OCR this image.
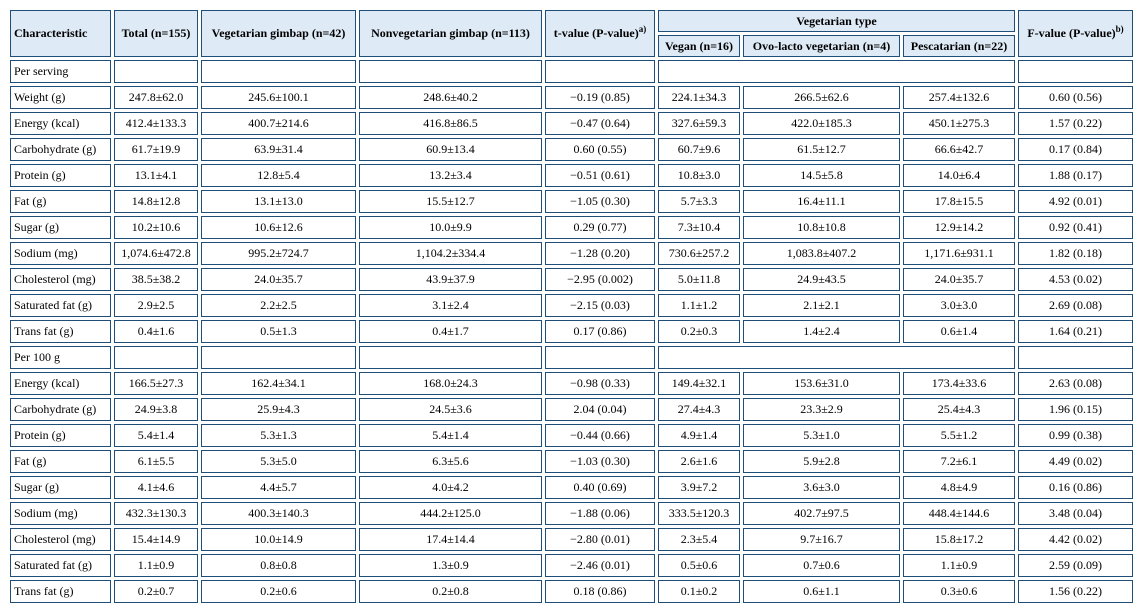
Characteristic	Total (n=155)	Vegetarian gimbap (n=42)	Nonvegetarian gimbap (n=113)	t-value (P-value)$^{a)}$	Vegetarian type			F-value (P-value)$^{b)}$
					Vegan (n=16)	Ovo-lacto vegetarian (n=4)	Pescatarian (n=22)	
Per serving								
Weight (g)	247.8±62.0	245.6±100.1	248.6±40.2	−0.19 (0.85)	224.1±34.3	266.5±62.6	257.4±132.6	0.60 (0.56)
Energy (kcal)	412.4±133.3	400.7±214.6	416.8±86.5	−0.47 (0.64)	327.6±59.3	422.0±185.3	450.1±275.3	1.57 (0.22)
Carbohydrate (g)	61.7±19.9	63.9±31.4	60.9±13.4	0.60 (0.55)	60.7±9.6	61.5±12.7	66.6±42.7	0.17 (0.84)
Protein (g)	13.1±4.1	12.8±5.4	13.2±3.4	−0.51 (0.61)	10.8±3.0	14.5±5.8	14.0±6.4	1.88 (0.17)
Fat (g)	14.8±12.8	13.1±13.0	15.5±12.7	−1.05 (0.30)	5.7±3.3	16.4±11.1	17.8±15.5	4.92 (0.01)
Sugar (g)	10.2±10.6	10.6±12.6	10.0±9.9	0.29 (0.77)	7.3±10.4	10.8±10.8	12.9±14.2	0.92 (0.41)
Sodium (mg)	1,074.6±472.8	995.2±724.7	1,104.2±334.4	−1.28 (0.20)	730.6±257.2	1,083.8±407.2	1,171.6±931.1	1.82 (0.18)
Cholesterol (mg)	38.5±38.2	24.0±35.7	43.9±37.9	−2.95 (0.002)	5.0±11.8	24.9±43.5	24.0±35.7	4.53 (0.02)
Saturated fat (g)	2.9±2.5	2.2±2.5	3.1±2.4	−2.15 (0.03)	1.1±1.2	2.1±2.1	3.0±3.0	2.69 (0.08)
Trans fat (g)	0.4±1.6	0.5±1.3	0.4±1.7	0.17 (0.86)	0.2±0.3	1.4±2.4	0.6±1.4	1.64 (0.21)
Per 100 g								
Energy (kcal)	166.5±27.3	162.4±34.1	168.0±24.3	−0.98 (0.33)	149.4±32.1	153.6±31.0	173.4±33.6	2.63 (0.08)
Carbohydrate (g)	24.9±3.8	25.9±4.3	24.5±3.6	2.04 (0.04)	27.4±4.3	23.3±2.9	25.4±4.3	1.96 (0.15)
Protein (g)	5.4±1.4	5.3±1.3	5.4±1.4	−0.44 (0.66)	4.9±1.4	5.3±1.0	5.5±1.2	0.99 (0.38)
Fat (g)	6.1±5.5	5.3±5.0	6.3±5.6	−1.03 (0.30)	2.6±1.6	5.9±2.8	7.2±6.1	4.49 (0.02)
Sugar (g)	4.1±4.6	4.4±5.7	4.0±4.2	0.40 (0.69)	3.9±7.2	3.6±3.0	4.8±4.9	0.16 (0.86)
Sodium (mg)	432.3±130.3	400.3±140.3	444.2±125.0	−1.88 (0.06)	333.5±120.3	402.7±97.5	448.4±144.6	3.48 (0.04)
Cholesterol (mg)	15.4±14.9	10.0±14.9	17.4±14.4	−2.80 (0.01)	2.3±5.4	9.7±16.7	15.8±17.2	4.42 (0.02)
Saturated fat (g)	1.1±0.9	0.8±0.8	1.3±0.9	−2.46 (0.01)	0.5±0.6	0.7±0.6	1.1±0.9	2.59 (0.09)
Trans fat (g)	0.2±0.7	0.2±0.6	0.2±0.8	0.18 (0.86)	0.1±0.2	0.6±1.1	0.3±0.6	1.56 (0.22)
